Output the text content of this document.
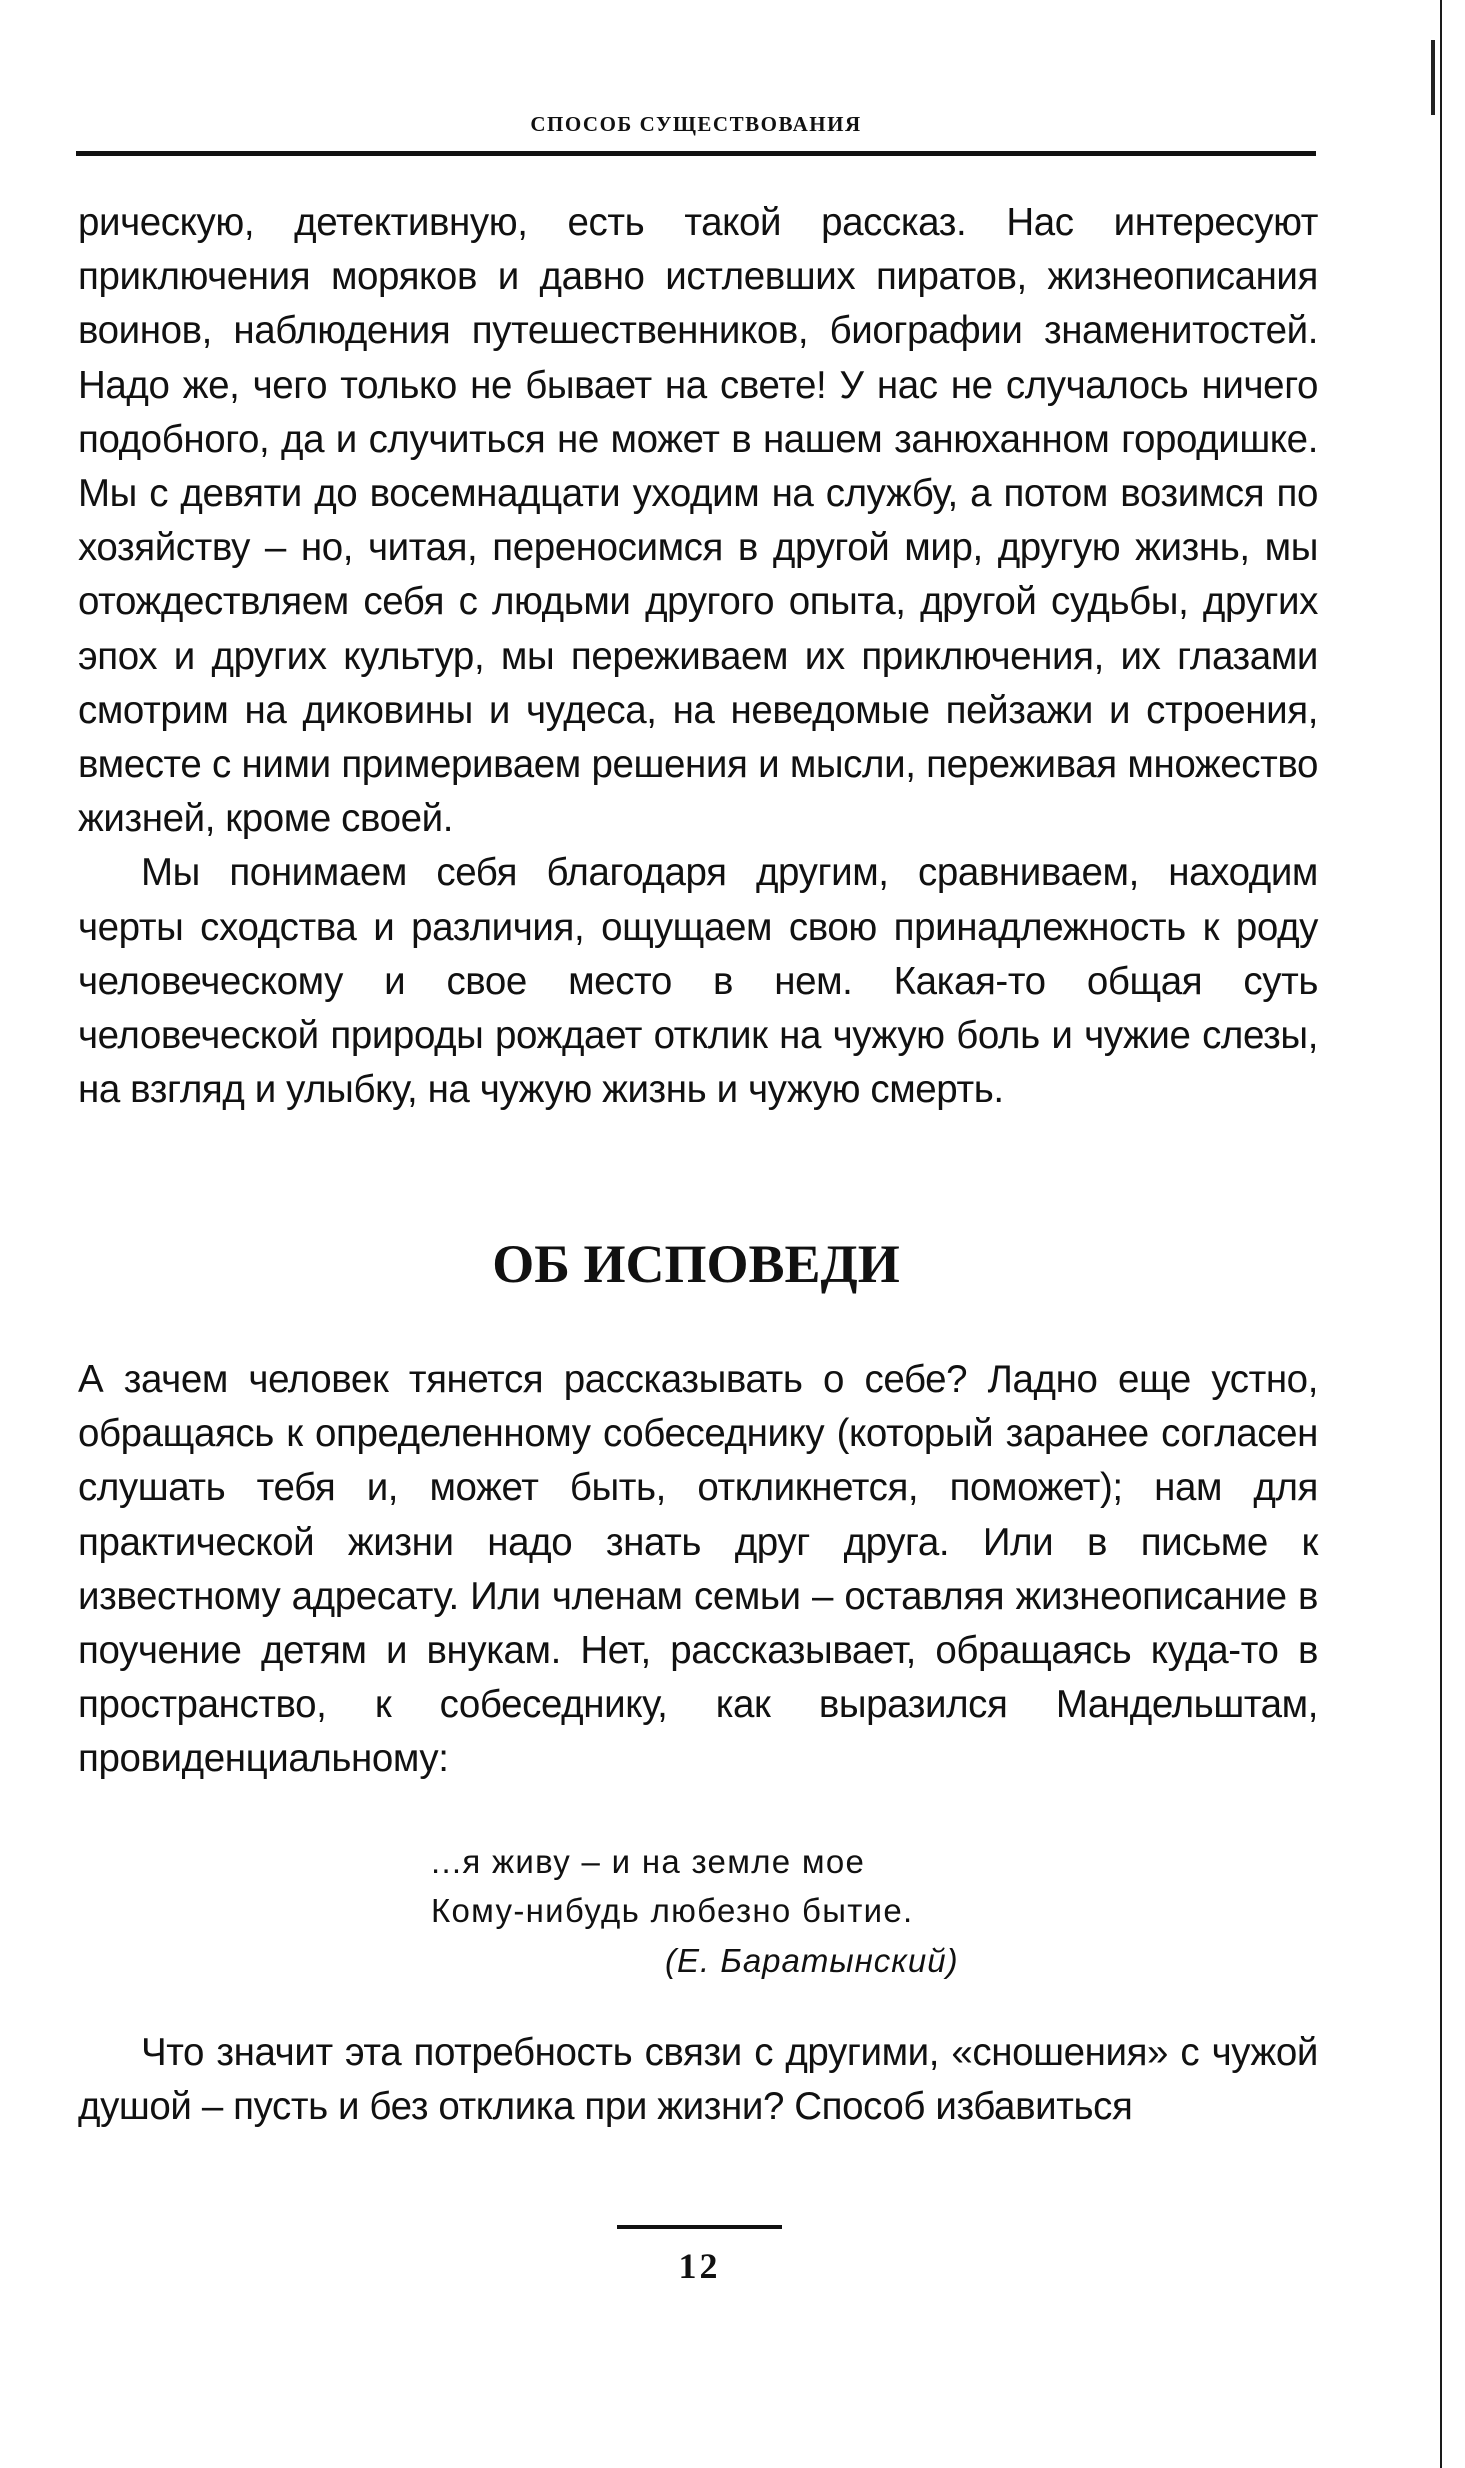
СПОСОБ СУЩЕСТВОВАНИЯ

рическую, детективную, есть такой рассказ. Нас интересуют приключения моряков и давно истлевших пиратов, жизнеописания воинов, наблюдения путешественников, биографии знаменитостей. Надо же, чего только не бывает на свете! У нас не случалось ничего подобного, да и случиться не может в нашем занюханном городишке. Мы с девяти до восемнадцати уходим на службу, а потом возимся по хозяйству – но, читая, переносимся в другой мир, другую жизнь, мы отождествляем себя с людьми другого опыта, другой судьбы, других эпох и других культур, мы переживаем их приключения, их глазами смотрим на диковины и чудеса, на неведомые пейзажи и строения, вместе с ними примериваем решения и мысли, переживая множество жизней, кроме своей.

Мы понимаем себя благодаря другим, сравниваем, находим черты сходства и различия, ощущаем свою принадлежность к роду человеческому и свое место в нем. Какая-то общая суть человеческой природы рождает отклик на чужую боль и чужие слезы, на взгляд и улыбку, на чужую жизнь и чужую смерть.

ОБ ИСПОВЕДИ

А зачем человек тянется рассказывать о себе? Ладно еще устно, обращаясь к определенному собеседнику (который заранее согласен слушать тебя и, может быть, откликнется, поможет); нам для практической жизни надо знать друг друга. Или в письме к известному адресату. Или членам семьи – оставляя жизнеописание в поучение детям и внукам. Нет, рассказывает, обращаясь куда-то в пространство, к собеседнику, как выразился Мандельштам, провиденциальному:

...я живу – и на земле мое
Кому-нибудь любезно бытие.
(Е. Баратынский)

Что значит эта потребность связи с другими, «сношения» с чужой душой – пусть и без отклика при жизни? Способ избавиться

12
